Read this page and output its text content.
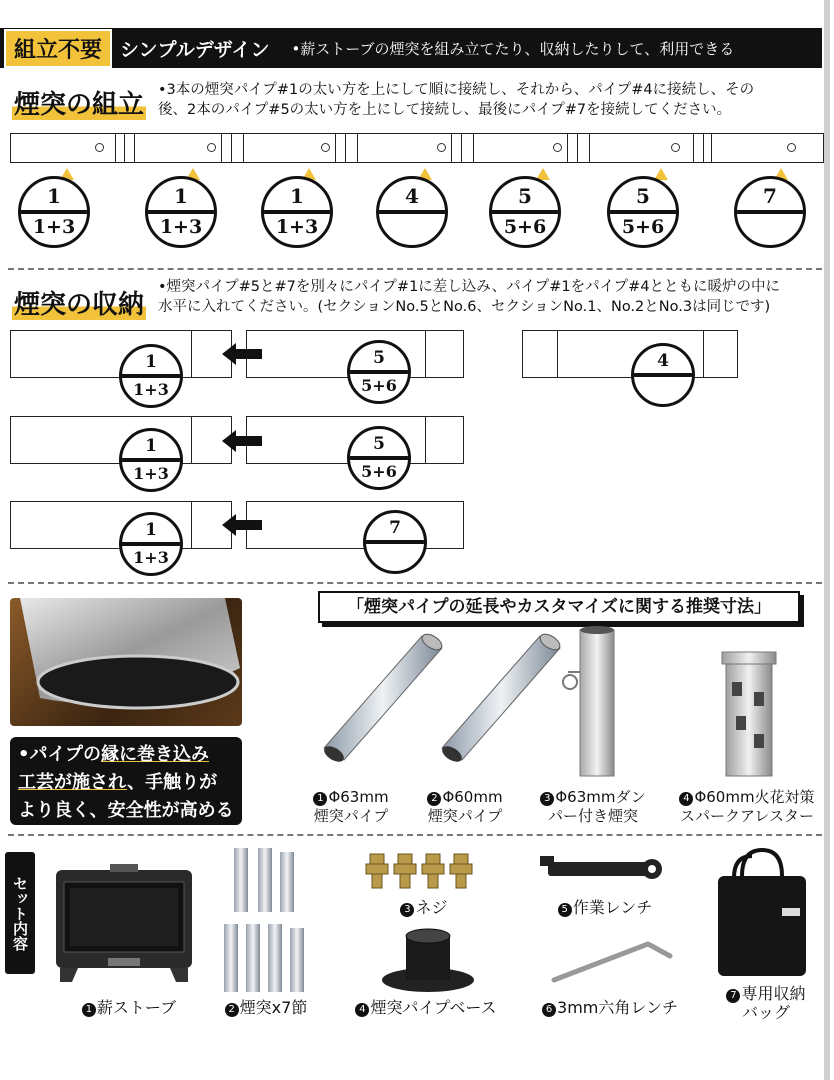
組立不要 シンプルデザイン •薪ストーブの煙突を組み立てたり、収納したりして、利用できる
煙突の組立 •3本の煙突パイプ#1の太い方を上にして順に接続し、それから、パイプ#4に接続し、その
後、2本のパイプ#5の太い方を上にして接続し、最後にパイプ#7を接続してください。
1
1+3
1
1+3
1
1+3
4	5
5+6
5
5+6
7
煙突の収納
•煙突パイプ#5と#7を別々にパイプ#1に差し込み、パイプ#1をパイプ#4とともに暖炉の中に
水平に入れてください。(セクションNo.5とNo.6、セクションNo.1、No.2とNo.3は同じです)
1
1+3
5
5+6
4
1
1+3
5
5+6
1
1+3
7
•パイプの縁に巻き込み
工芸が施され、手触りが
より良く、安全性が高める
「煙突パイプの延長やカスタマイズに関する推奨寸法」
1 Φ63mm
煙突パイプ
2 Φ60mm
煙突パイプ
3 Φ63mmダン
パー付き煙突
4 Φ60mm火花対策
スパークアレスター
セット内容	3 ネジ	5 作業レンチ
1 薪ストーブ	2 煙突x7節	4 煙突パイプベース	6 3mm六角レンチ
7 専用収納
バッグ
